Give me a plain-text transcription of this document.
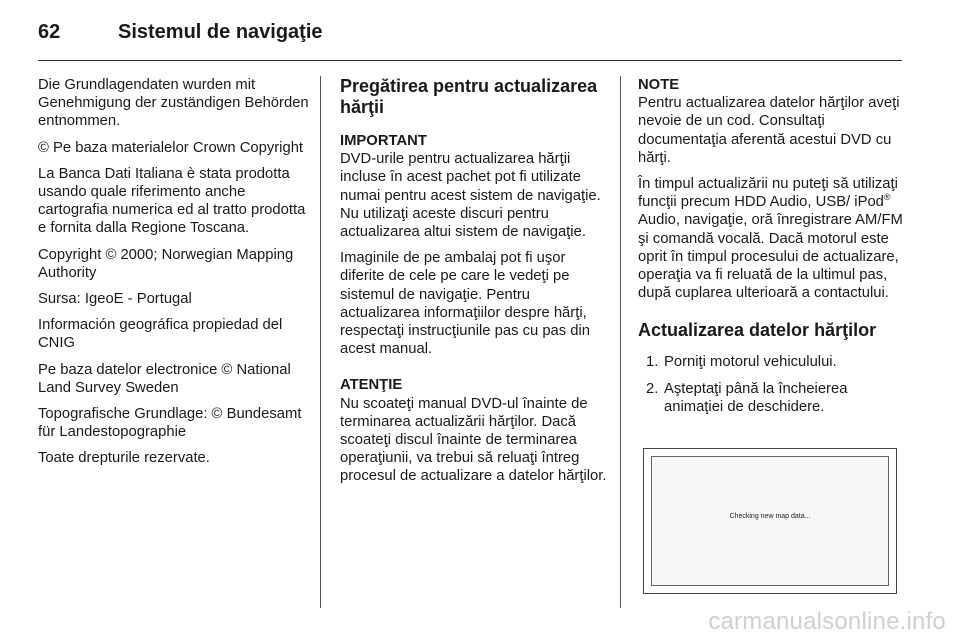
62	Sistemul de navigaţie

Die Grundlagendaten wurden mit Genehmigung der zuständigen Behörden entnommen.

© Pe baza materialelor Crown Copyright

La Banca Dati Italiana è stata prodotta usando quale riferimento anche cartografia numerica ed al tratto prodotta e fornita dalla Regione Toscana.

Copyright © 2000; Norwegian Mapping Authority

Sursa: IgeoE - Portugal

Información geográfica propiedad del CNIG

Pe baza datelor electronice © National Land Survey Sweden

Topografische Grundlage: © Bundesamt für Landestopographie

Toate drepturile rezervate.

Pregătirea pentru actualizarea hărţii
IMPORTANT

DVD-urile pentru actualizarea hărţii incluse în acest pachet pot fi utilizate numai pentru acest sistem de navigaţie. Nu utilizaţi aceste discuri pentru actualizarea altui sistem de navigaţie.

Imaginile de pe ambalaj pot fi uşor diferite de cele pe care le vedeţi pe sistemul de navigaţie. Pentru actualizarea informaţiilor despre hărţi, respectaţi instrucţiunile pas cu pas din acest manual.

ATENŢIE

Nu scoateţi manual DVD-ul înainte de terminarea actualizării hărţilor. Dacă scoateţi discul înainte de terminarea operaţiunii, va trebui să reluaţi întreg procesul de actualizare a datelor hărţilor.

NOTE

Pentru actualizarea datelor hărţilor aveţi nevoie de un cod. Consultaţi documentaţia aferentă acestui DVD cu hărţi.

În timpul actualizării nu puteţi să utilizaţi funcţii precum HDD Audio, USB/ iPod® Audio, navigaţie, oră înregistrare AM/FM şi comandă vocală. Dacă motorul este oprit în timpul procesului de actualizare, operaţia va fi reluată de la ultimul pas, după cuplarea ulterioară a contactului.

Actualizarea datelor hărţilor
1. Porniţi motorul vehiculului.
2. Aşteptaţi până la încheierea animaţiei de deschidere.
Checking new map data...
carmanualsonline.info
